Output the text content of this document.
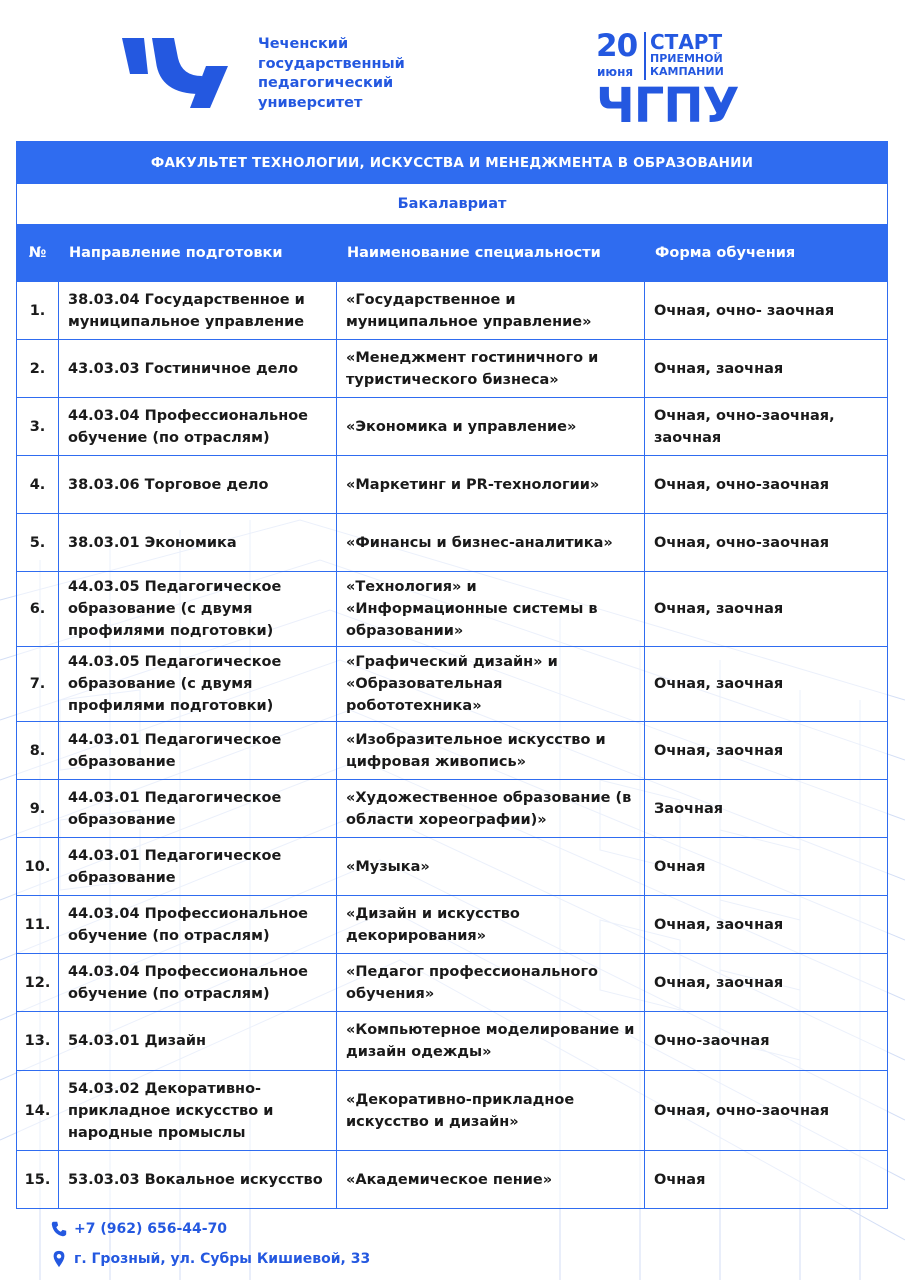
Чеченский
государственный
педагогический
университет
20
июня
СТАРТ
ПРИЕМНОЙ
КАМПАНИИ
ЧГПУ
ФАКУЛЬТЕТ ТЕХНОЛОГИИ, ИСКУССТВА И МЕНЕДЖМЕНТА В ОБРАЗОВАНИИ			
Бакалавриат			
№	Направление подготовки	Наименование специальности	Форма обучения
1.	38.03.04 Государственное и муниципальное управление	«Государственное и муниципальное управление»	Очная, очно- заочная
2.	43.03.03 Гостиничное дело	«Менеджмент гостиничного и туристического бизнеса»	Очная, заочная
3.	44.03.04 Профессиональное обучение (по отраслям)	«Экономика и управление»	Очная, очно-заочная, заочная
4.	38.03.06 Торговое дело	«Маркетинг и PR-технологии»	Очная, очно-заочная
5.	38.03.01 Экономика	«Финансы и бизнес-аналитика»	Очная, очно-заочная
6.	44.03.05 Педагогическое образование (с двумя профилями подготовки)	«Технология» и «Информационные системы в образовании»	Очная, заочная
7.	44.03.05 Педагогическое образование (с двумя профилями подготовки)	«Графический дизайн» и «Образовательная робототехника»	Очная, заочная
8.	44.03.01 Педагогическое образование	«Изобразительное искусство и цифровая живопись»	Очная, заочная
9.	44.03.01 Педагогическое образование	«Художественное образование (в области хореографии)»	Заочная
10.	44.03.01 Педагогическое образование	«Музыка»	Очная
11.	44.03.04 Профессиональное обучение (по отраслям)	«Дизайн и искусство декорирования»	Очная, заочная
12.	44.03.04 Профессиональное обучение (по отраслям)	«Педагог профессионального обучения»	Очная, заочная
13.	54.03.01 Дизайн	«Компьютерное моделирование и дизайн одежды»	Очно-заочная
14.	54.03.02 Декоративно-прикладное искусство и народные промыслы	«Декоративно-прикладное искусство и дизайн»	Очная, очно-заочная
15.	53.03.03 Вокальное искусство	«Академическое пение»	Очная
+7 (962) 656-44-70
г. Грозный, ул. Субры Кишиевой, 33
